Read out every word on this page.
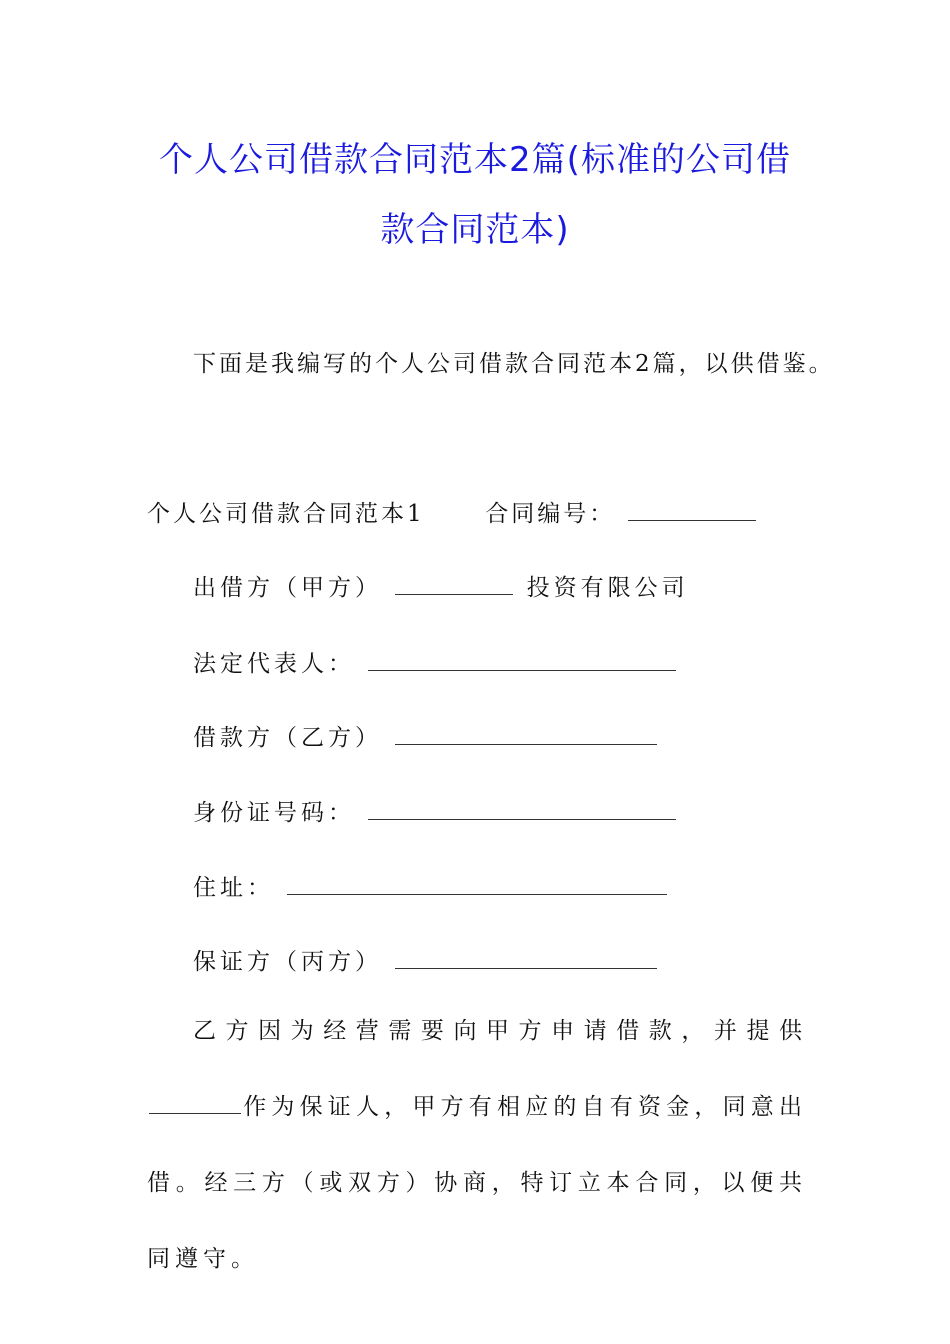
个人公司借款合同范本2篇(标准的公司借
款合同范本)
下面是我编写的个人公司借款合同范本2篇，以供借鉴。
个人公司借款合同范本1	合同编号：
出借方（甲方）	投资有限公司
法定代表人：
借款方（乙方）
身份证号码：
住址：
保证方（丙方）
乙方因为经营需要向甲方申请借款，并提供作为保证人，甲方有相应的自有资金，同意出借。经三方（或双方）协商，特订立本合同，以便共同遵守。
